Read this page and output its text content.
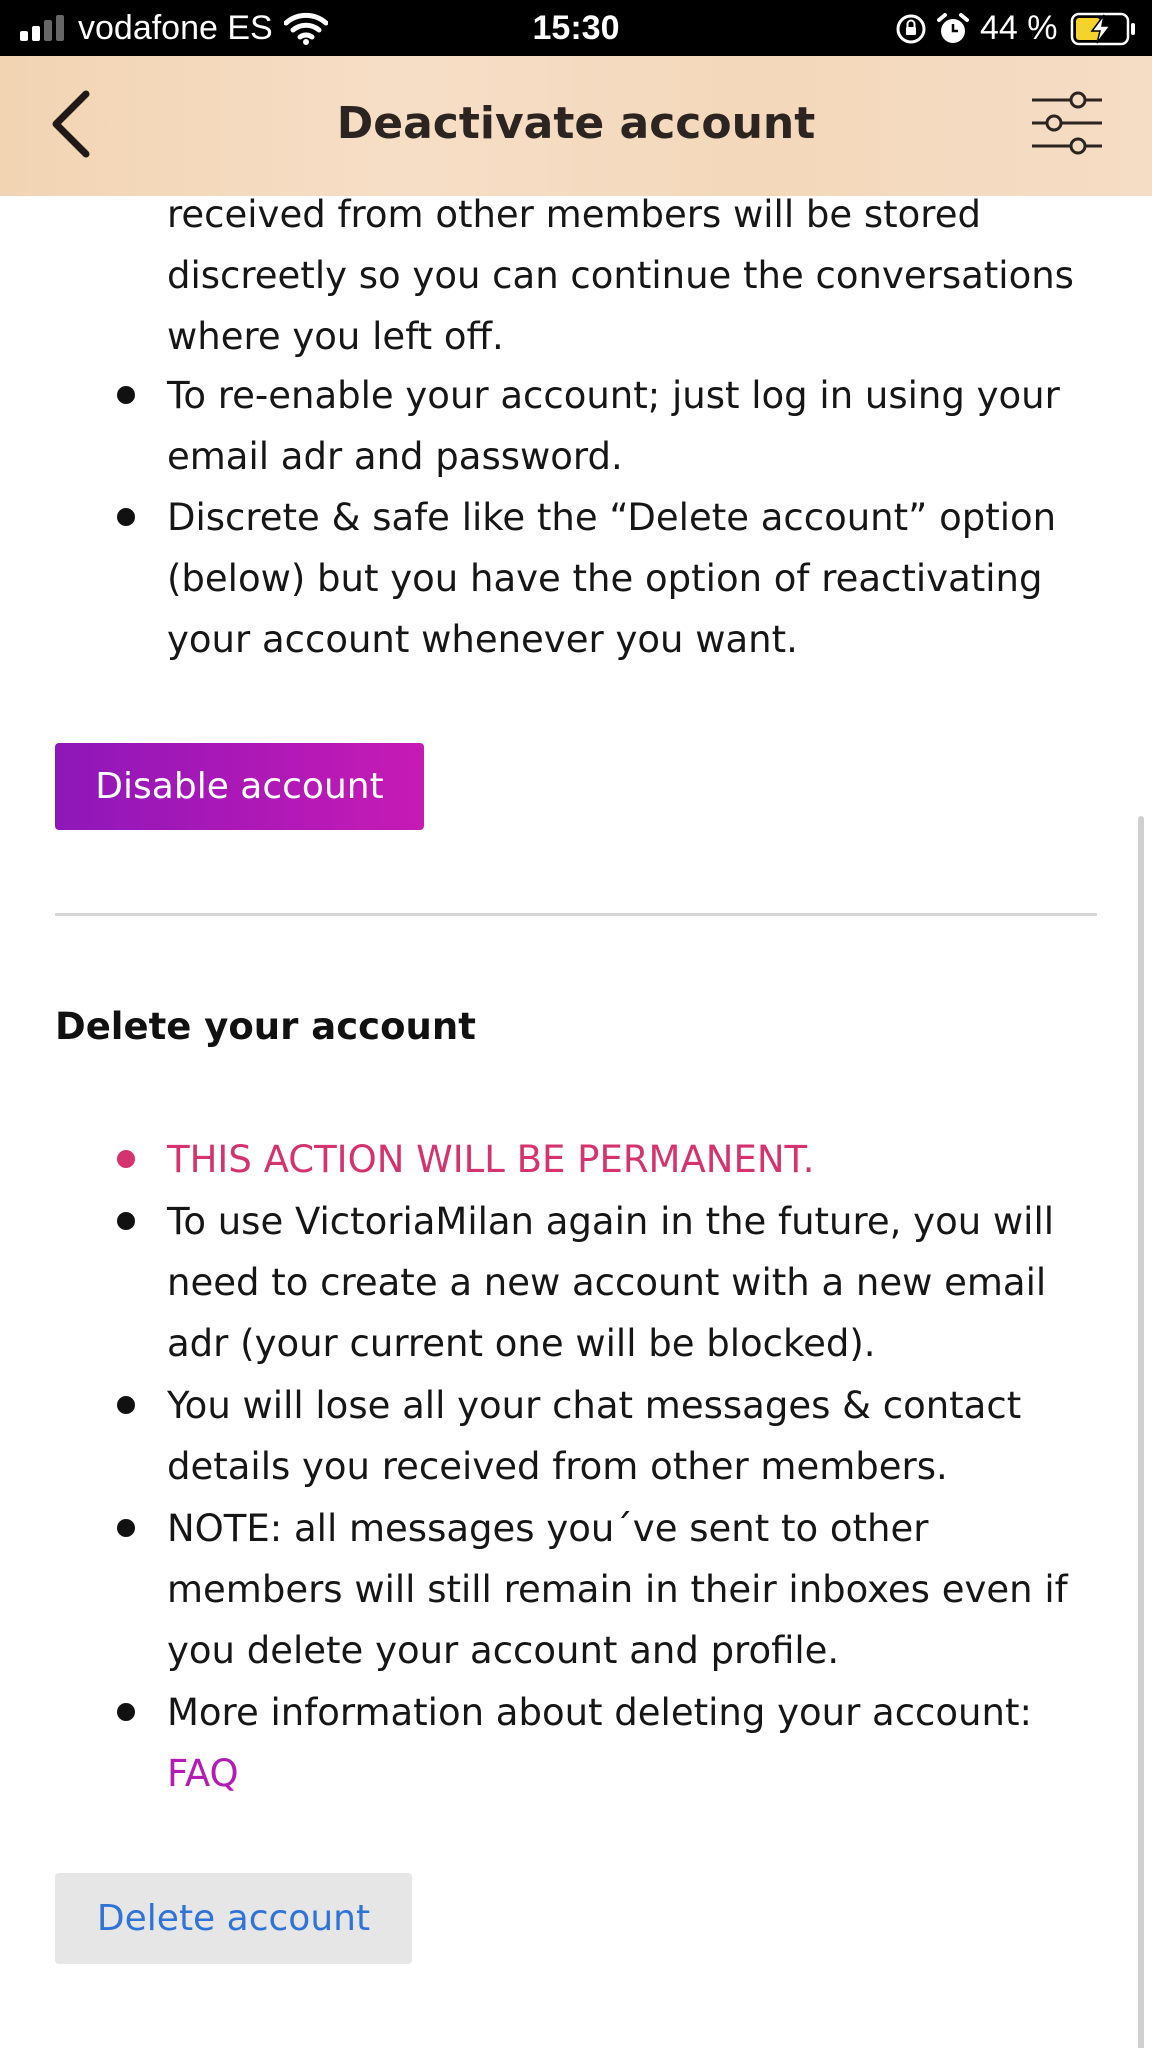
vodafone ES	15:30	44 %
Deactivate account
received from other members will be stored discreetly so you can continue the conversations where you left off.
To re-enable your account; just log in using your email adr and password.
Discrete & safe like the “Delete account” option (below) but you have the option of reactivating your account whenever you want.
Disable account
Delete your account
THIS ACTION WILL BE PERMANENT.
To use VictoriaMilan again in the future, you will need to create a new account with a new email adr (your current one will be blocked).
You will lose all your chat messages & contact details you received from other members.
NOTE: all messages you´ve sent to other members will still remain in their inboxes even if you delete your account and profile.
More information about deleting your account:
FAQ
Delete account
